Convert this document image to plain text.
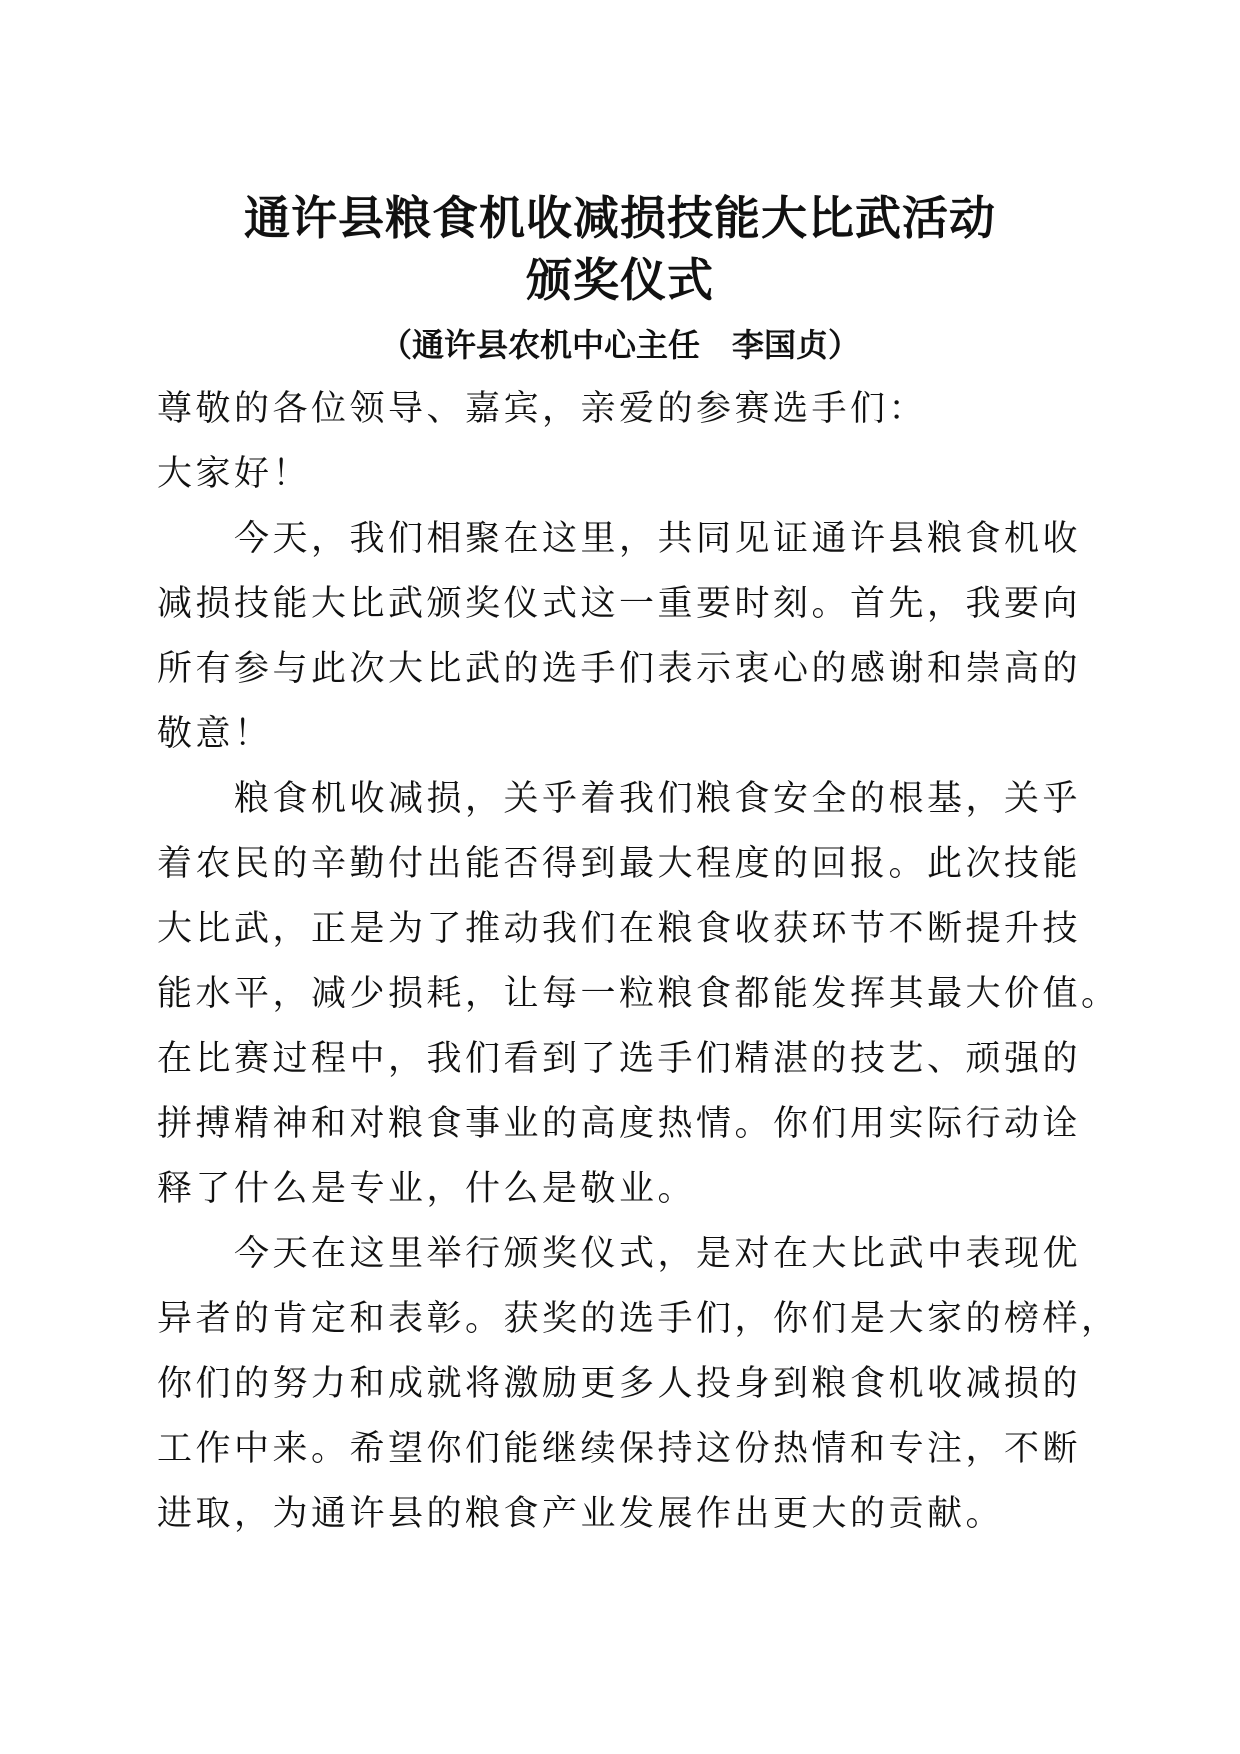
通许县粮食机收减损技能大比武活动
颁奖仪式
（通许县农机中心主任　李国贞）
尊敬的各位领导、嘉宾，亲爱的参赛选手们：
大家好！
　　今天，我们相聚在这里，共同见证通许县粮食机收
减损技能大比武颁奖仪式这一重要时刻。首先，我要向
所有参与此次大比武的选手们表示衷心的感谢和崇高的
敬意！
　　粮食机收减损，关乎着我们粮食安全的根基，关乎
着农民的辛勤付出能否得到最大程度的回报。此次技能
大比武，正是为了推动我们在粮食收获环节不断提升技
能水平，减少损耗，让每一粒粮食都能发挥其最大价值。
在比赛过程中，我们看到了选手们精湛的技艺、顽强的
拼搏精神和对粮食事业的高度热情。你们用实际行动诠
释了什么是专业，什么是敬业。
　　今天在这里举行颁奖仪式，是对在大比武中表现优
异者的肯定和表彰。获奖的选手们，你们是大家的榜样，
你们的努力和成就将激励更多人投身到粮食机收减损的
工作中来。希望你们能继续保持这份热情和专注，不断
进取，为通许县的粮食产业发展作出更大的贡献。
